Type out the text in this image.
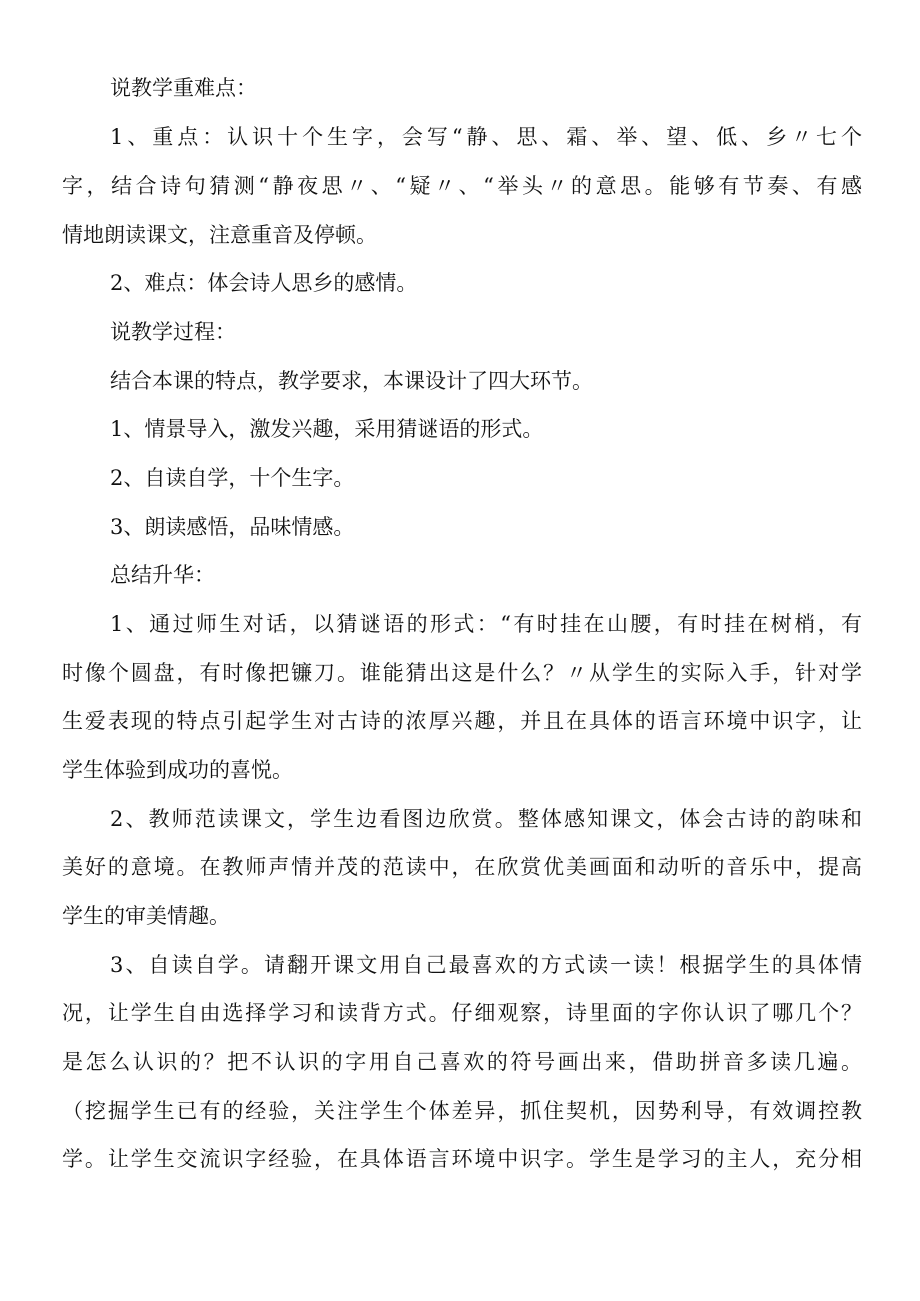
说教学重难点：

1、重点：认识十个生字，会写“静、思、霜、举、望、低、乡〃七个

字，结合诗句猜测“静夜思〃、“疑〃、“举头〃的意思。能够有节奏、有感

情地朗读课文，注意重音及停顿。

2、难点：体会诗人思乡的感情。

说教学过程：

结合本课的特点，教学要求，本课设计了四大环节。

1、情景导入，激发兴趣，采用猜谜语的形式。

2、自读自学，十个生字。

3、朗读感悟，品味情感。

总结升华：

1、通过师生对话，以猜谜语的形式：“有时挂在山腰，有时挂在树梢，有

时像个圆盘，有时像把镰刀。谁能猜出这是什么？〃从学生的实际入手，针对学

生爱表现的特点引起学生对古诗的浓厚兴趣，并且在具体的语言环境中识字，让

学生体验到成功的喜悦。

2、教师范读课文，学生边看图边欣赏。整体感知课文，体会古诗的韵味和

美好的意境。在教师声情并茂的范读中，在欣赏优美画面和动听的音乐中，提高

学生的审美情趣。

3、自读自学。请翻开课文用自己最喜欢的方式读一读！根据学生的具体情

况，让学生自由选择学习和读背方式。仔细观察，诗里面的字你认识了哪几个？

是怎么认识的？把不认识的字用自己喜欢的符号画出来，借助拼音多读几遍。

（挖掘学生已有的经验，关注学生个体差异，抓住契机，因势利导，有效调控教

学。让学生交流识字经验，在具体语言环境中识字。学生是学习的主人，充分相
